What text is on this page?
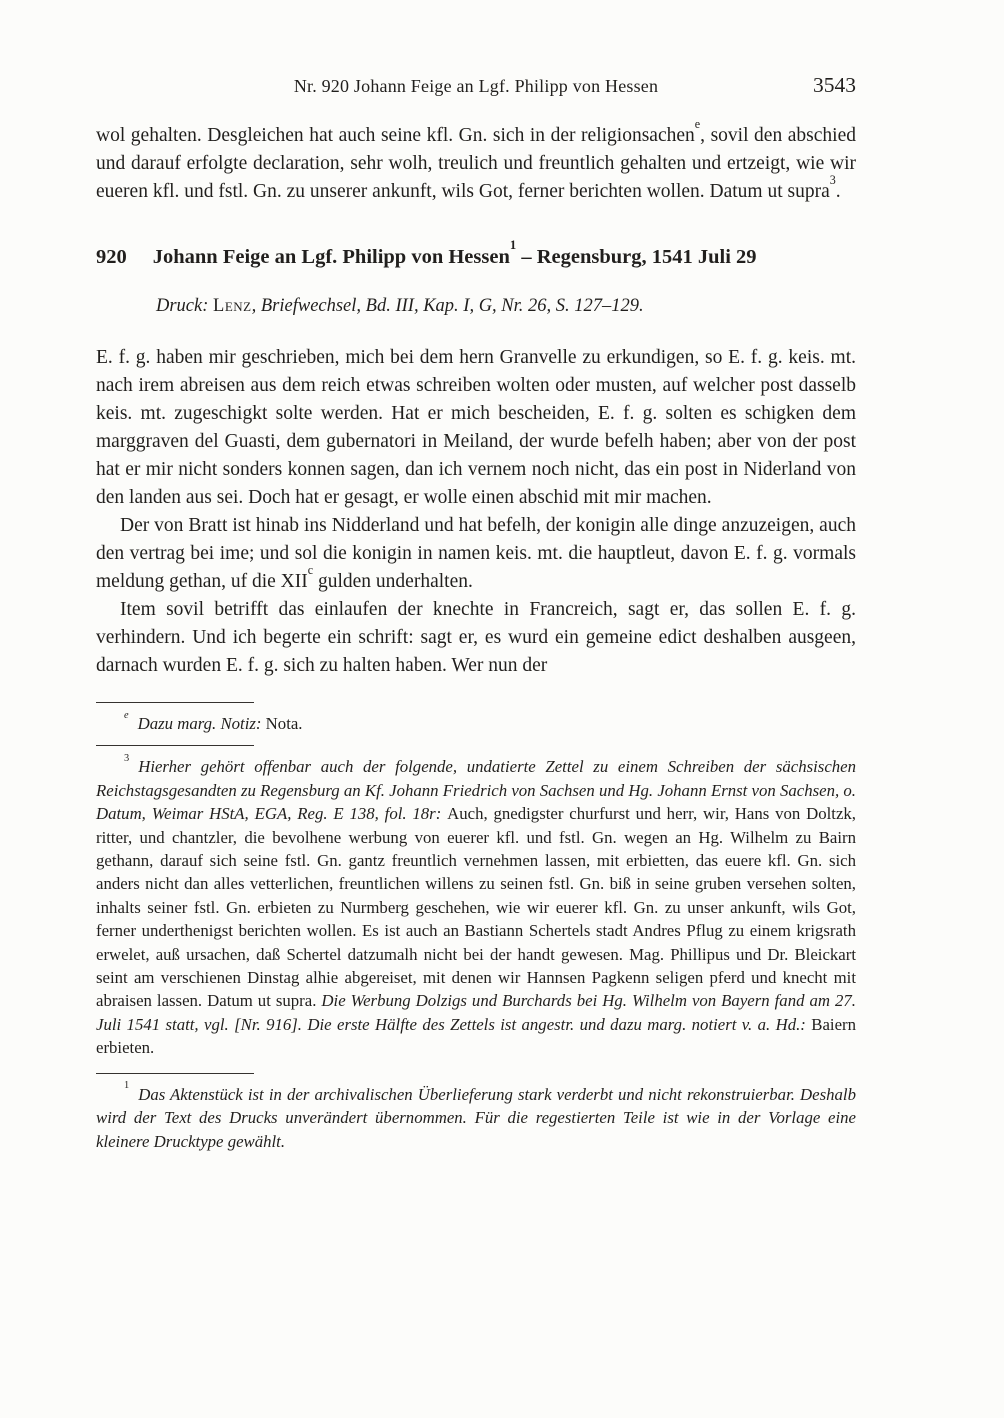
Nr. 920 Johann Feige an Lgf. Philipp von Hessen	3543

wol gehalten. Desgleichen hat auch seine kfl. Gn. sich in der religionsachen$^e$, sovil den abschied und darauf erfolgte declaration, sehr wolh, treulich und freuntlich gehalten und ertzeigt, wie wir eueren kfl. und fstl. Gn. zu unserer ankunft, wils Got, ferner berichten wollen. Datum ut supra$^3$.

920 Johann Feige an Lgf. Philipp von Hessen$^1$ – Regensburg, 1541 Juli 29

Druck: Lenz, Briefwechsel, Bd. III, Kap. I, G, Nr. 26, S. 127–129.

E. f. g. haben mir geschrieben, mich bei dem hern Granvelle zu erkundigen, so E. f. g. keis. mt. nach irem abreisen aus dem reich etwas schreiben wolten oder musten, auf welcher post dasselb keis. mt. zugeschigkt solte werden. Hat er mich bescheiden, E. f. g. solten es schigken dem marggraven del Guasti, dem gubernatori in Meiland, der wurde befelh haben; aber von der post hat er mir nicht sonders konnen sagen, dan ich vernem noch nicht, das ein post in Niderland von den landen aus sei. Doch hat er gesagt, er wolle einen abschid mit mir machen.

Der von Bratt ist hinab ins Nidderland und hat befelh, der konigin alle dinge anzuzeigen, auch den vertrag bei ime; und sol die konigin in namen keis. mt. die hauptleut, davon E. f. g. vormals meldung gethan, uf die XII$^c$ gulden underhalten.

Item sovil betrifft das einlaufen der knechte in Francreich, sagt er, das sollen E. f. g. verhindern. Und ich begerte ein schrift: sagt er, es wurd ein gemeine edict deshalben ausgeen, darnach wurden E. f. g. sich zu halten haben. Wer nun der

$^e$ Dazu marg. Notiz: Nota.

$^3$ Hierher gehört offenbar auch der folgende, undatierte Zettel zu einem Schreiben der sächsischen Reichstagsgesandten zu Regensburg an Kf. Johann Friedrich von Sachsen und Hg. Johann Ernst von Sachsen, o. Datum, Weimar HStA, EGA, Reg. E 138, fol. 18r: Auch, gnedigster churfurst und herr, wir, Hans von Doltzk, ritter, und chantzler, die bevolhene werbung von euerer kfl. und fstl. Gn. wegen an Hg. Wilhelm zu Bairn gethann, darauf sich seine fstl. Gn. gantz freuntlich vernehmen lassen, mit erbietten, das euere kfl. Gn. sich anders nicht dan alles vetterlichen, freuntlichen willens zu seinen fstl. Gn. biß in seine gruben versehen solten, inhalts seiner fstl. Gn. erbieten zu Nurmberg geschehen, wie wir euerer kfl. Gn. zu unser ankunft, wils Got, ferner underthenigst berichten wollen. Es ist auch an Bastiann Schertels stadt Andres Pflug zu einem krigsrath erwelet, auß ursachen, daß Schertel datzumalh nicht bei der handt gewesen. Mag. Phillipus und Dr. Bleickart seint am verschienen Dinstag alhie abgereiset, mit denen wir Hannsen Pagkenn seligen pferd und knecht mit abraisen lassen. Datum ut supra. Die Werbung Dolzigs und Burchards bei Hg. Wilhelm von Bayern fand am 27. Juli 1541 statt, vgl. [Nr. 916]. Die erste Hälfte des Zettels ist angestr. und dazu marg. notiert v. a. Hd.: Baiern erbieten.

$^1$ Das Aktenstück ist in der archivalischen Überlieferung stark verderbt und nicht rekonstruierbar. Deshalb wird der Text des Drucks unverändert übernommen. Für die regestierten Teile ist wie in der Vorlage eine kleinere Drucktype gewählt.
